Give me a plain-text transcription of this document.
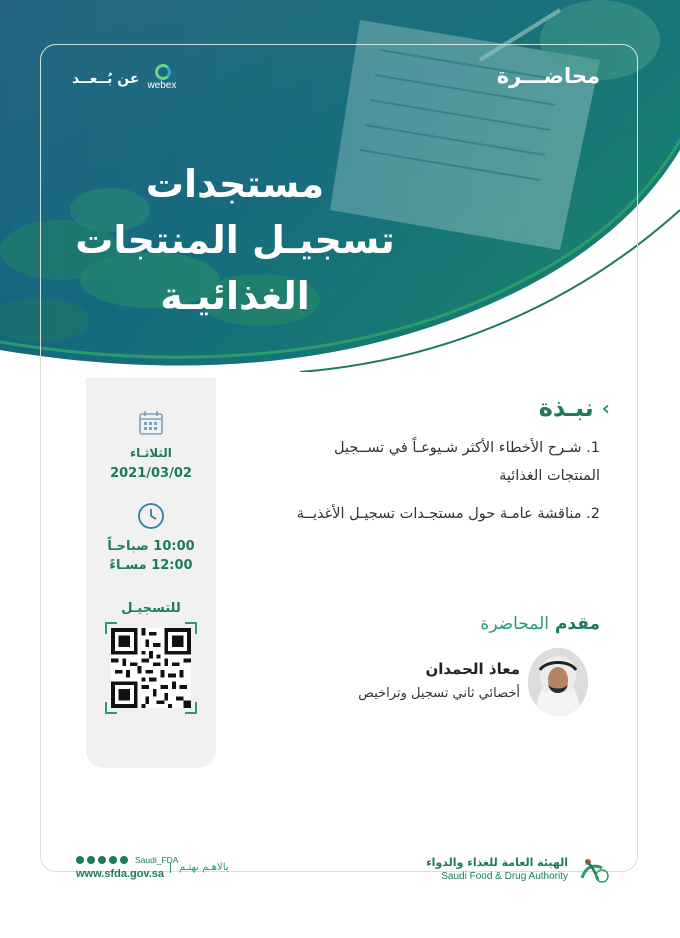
محاضـــرة
عن بُــعــد webex
مستجدات
تسجيـل المنتجات
الغذائيـة
الثلاثـاء
2021/03/02
10:00 صباحـاً
12:00 مسـاءً
للتسجيـل
›
نبـذة
1. شـرح الأخطاء الأكثر شـيوعـاً في تســجيل المنتجات الغذائية
2. مناقشة عامـة حول مستجـدات تسجيـل الأغذيــة
مقدم المحاضرة
معاذ الحمدان
أخصائي ثاني تسجيل وتراخيص
Saudi_FDA
www.sfda.gov.sa
بالاهـم نهتـم	الهيئة العامة للغذاء والدواء
Saudi Food & Drug Authority
